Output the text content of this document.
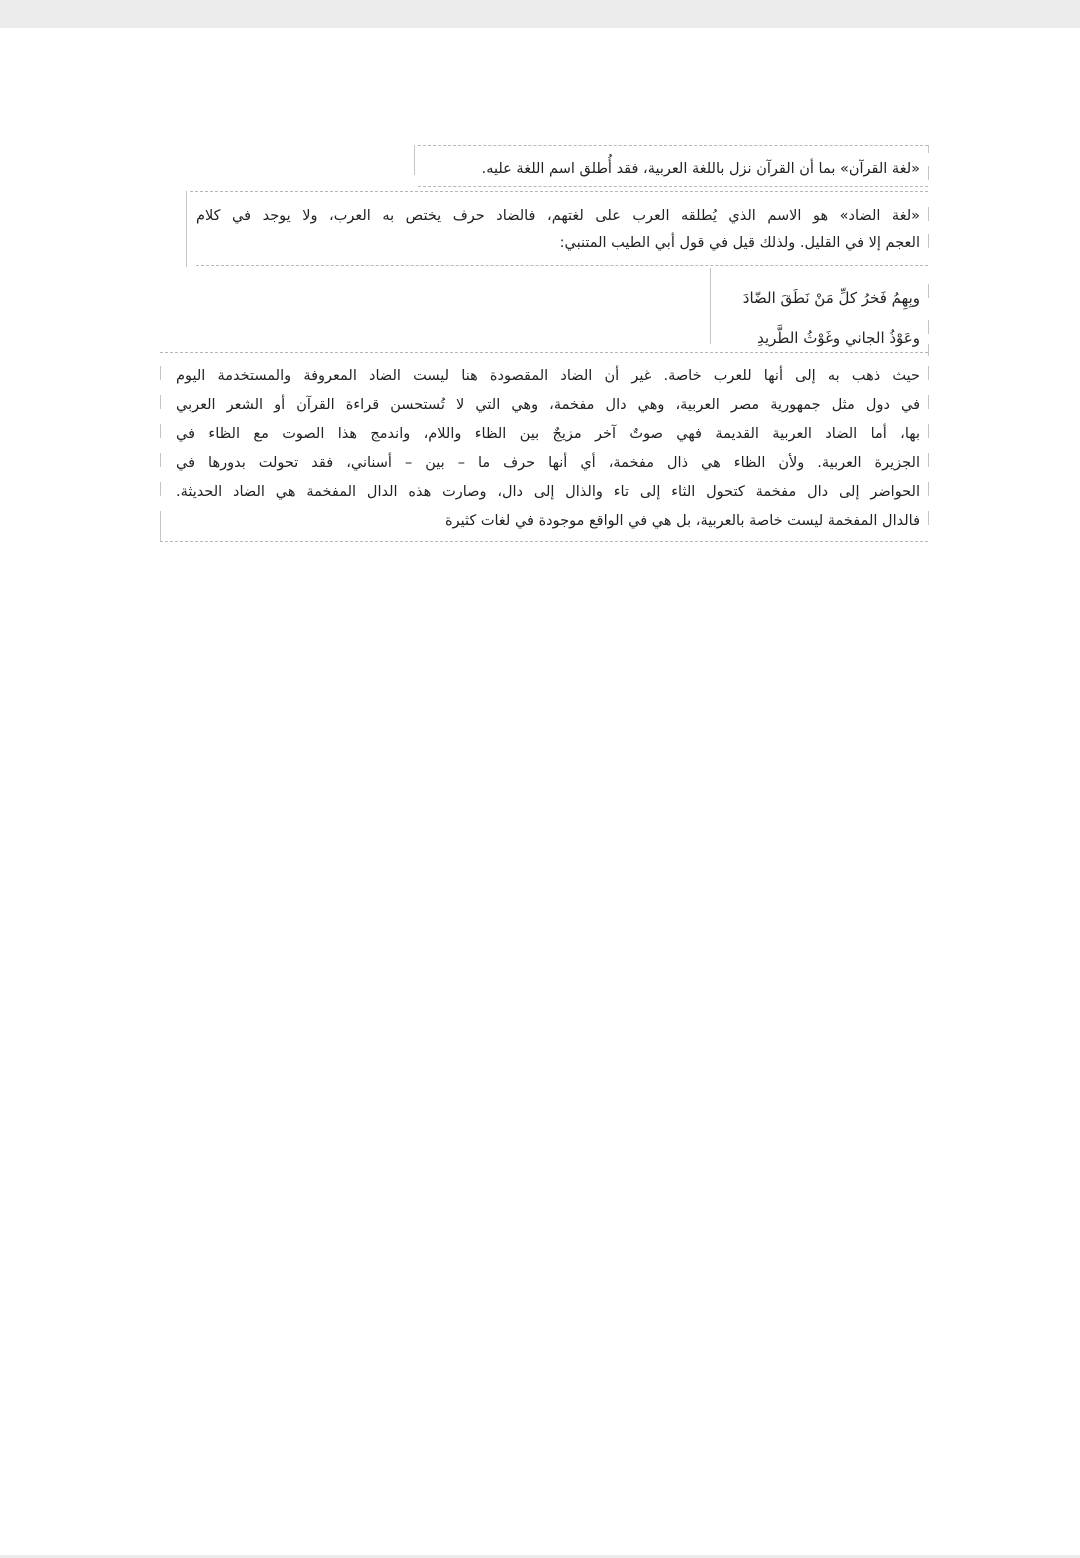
«لغة القرآن» بما أن القرآن نزل باللغة العربية، فقد أُطلق اسم اللغة عليه.
«لغة الضاد» هو الاسم الذي يُطلقه العرب على لغتهم، فالضاد حرف يختص به العرب، ولا يوجد في كلام
العجم إلا في القليل. ولذلك قيل في قول أبي الطيب المتنبي:
وبِهِمُ فَخرُ كلِّ مَنْ نَطَقَ الضّادَ
وعَوْذُ الجاني وغَوْثُ الطَّريدِ
حيث ذهب به إلى أنها للعرب خاصة. غير أن الضاد المقصودة هنا ليست الضاد المعروفة والمستخدمة اليوم
في دول مثل جمهورية مصر العربية، وهي دال مفخمة، وهي التي لا تُستحسن قراءة القرآن أو الشعر العربي
بها، أما الضاد العربية القديمة فهي صوتٌ آخر مزيجٌ بين الظاء واللام، واندمج هذا الصوت مع الظاء في
الجزيرة العربية. ولأن الظاء هي ذال مفخمة، أي أنها حرف ما – بين – أسناني، فقد تحولت بدورها في
الحواضر إلى دال مفخمة كتحول الثاء إلى تاء والذال إلى دال، وصارت هذه الدال المفخمة هي الضاد الحديثة.
فالدال المفخمة ليست خاصة بالعربية، بل هي في الواقع موجودة في لغات كثيرة
